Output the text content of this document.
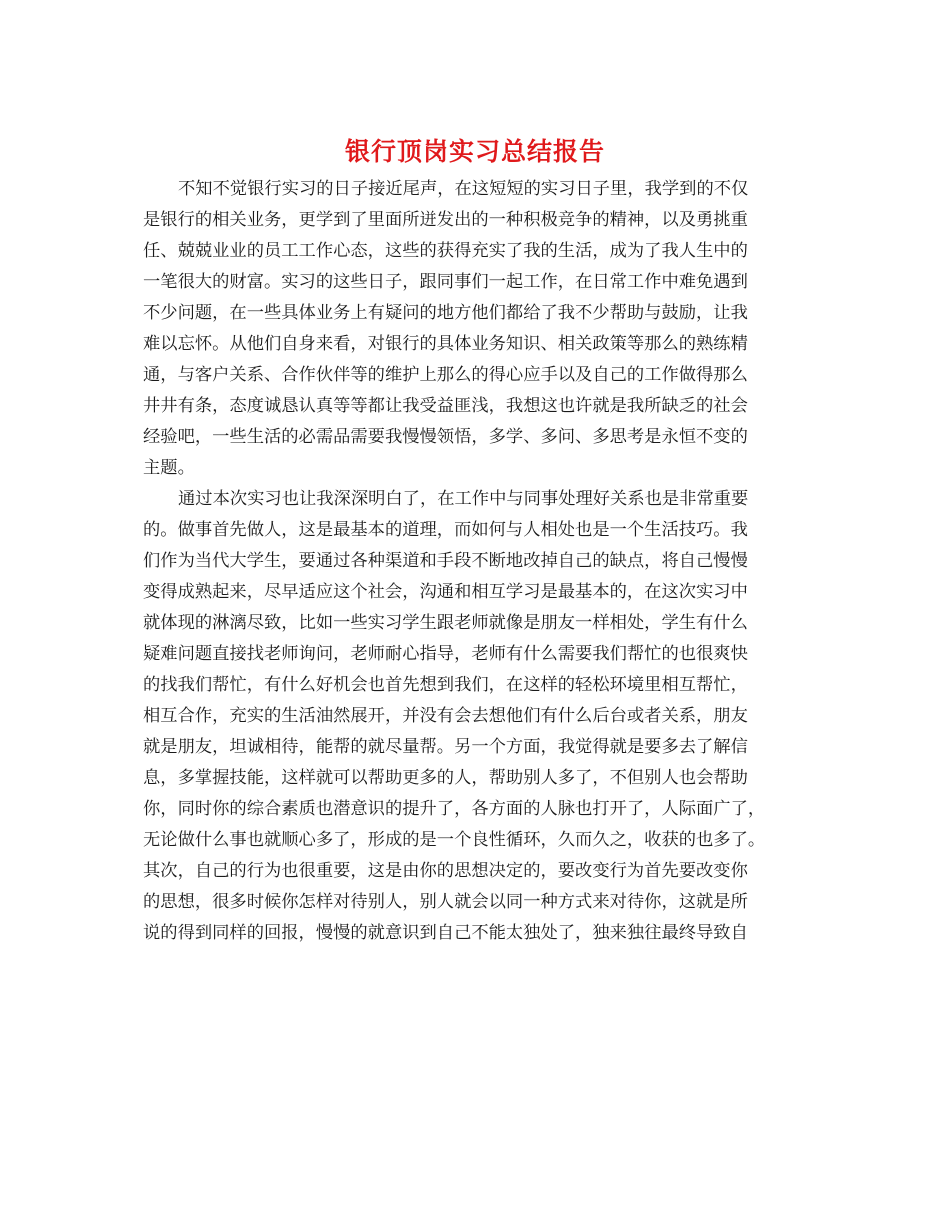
银行顶岗实习总结报告
不知不觉银行实习的日子接近尾声，在这短短的实习日子里，我学到的不仅
是银行的相关业务，更学到了里面所迸发出的一种积极竞争的精神，以及勇挑重
任、兢兢业业的员工工作心态，这些的获得充实了我的生活，成为了我人生中的
一笔很大的财富。实习的这些日子，跟同事们一起工作，在日常工作中难免遇到
不少问题，在一些具体业务上有疑问的地方他们都给了我不少帮助与鼓励，让我
难以忘怀。从他们自身来看，对银行的具体业务知识、相关政策等那么的熟练精
通，与客户关系、合作伙伴等的维护上那么的得心应手以及自己的工作做得那么
井井有条，态度诚恳认真等等都让我受益匪浅，我想这也许就是我所缺乏的社会
经验吧，一些生活的必需品需要我慢慢领悟，多学、多问、多思考是永恒不变的
主题。
通过本次实习也让我深深明白了，在工作中与同事处理好关系也是非常重要
的。做事首先做人，这是最基本的道理，而如何与人相处也是一个生活技巧。我
们作为当代大学生，要通过各种渠道和手段不断地改掉自己的缺点，将自己慢慢
变得成熟起来，尽早适应这个社会，沟通和相互学习是最基本的，在这次实习中
就体现的淋漓尽致，比如一些实习学生跟老师就像是朋友一样相处，学生有什么
疑难问题直接找老师询问，老师耐心指导，老师有什么需要我们帮忙的也很爽快
的找我们帮忙，有什么好机会也首先想到我们，在这样的轻松环境里相互帮忙，
相互合作，充实的生活油然展开，并没有会去想他们有什么后台或者关系，朋友
就是朋友，坦诚相待，能帮的就尽量帮。另一个方面，我觉得就是要多去了解信
息，多掌握技能，这样就可以帮助更多的人，帮助别人多了，不但别人也会帮助
你，同时你的综合素质也潜意识的提升了，各方面的人脉也打开了，人际面广了，
无论做什么事也就顺心多了，形成的是一个良性循环，久而久之，收获的也多了。
其次，自己的行为也很重要，这是由你的思想决定的，要改变行为首先要改变你
的思想，很多时候你怎样对待别人，别人就会以同一种方式来对待你，这就是所
说的得到同样的回报，慢慢的就意识到自己不能太独处了，独来独往最终导致自
